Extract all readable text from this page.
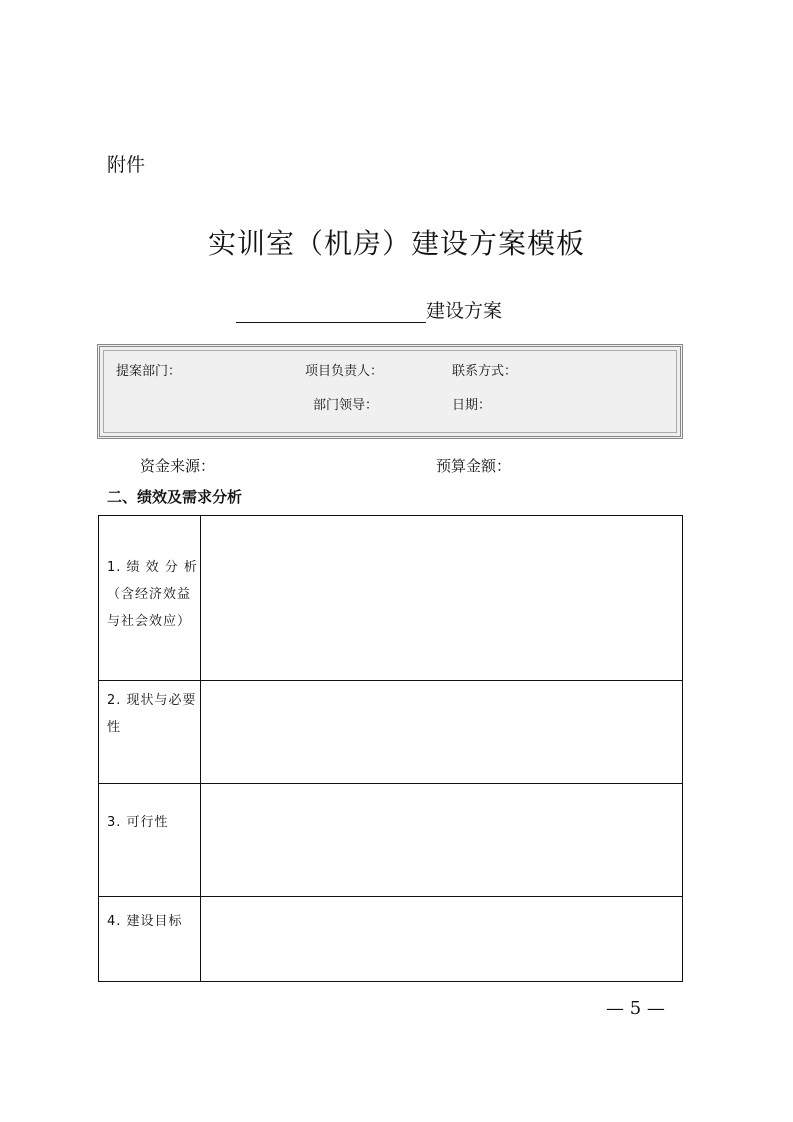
附件
实训室（机房）建设方案模板
建设方案
提案部门：	项目负责人：	联系方式：
部门领导：	日期：
资金来源：	预算金额：
二、绩效及需求分析
1. 绩 效 分 析
（含经济效益
与社会效应）
2. 现状与必要
性
3. 可行性
4. 建设目标
— 5 —
